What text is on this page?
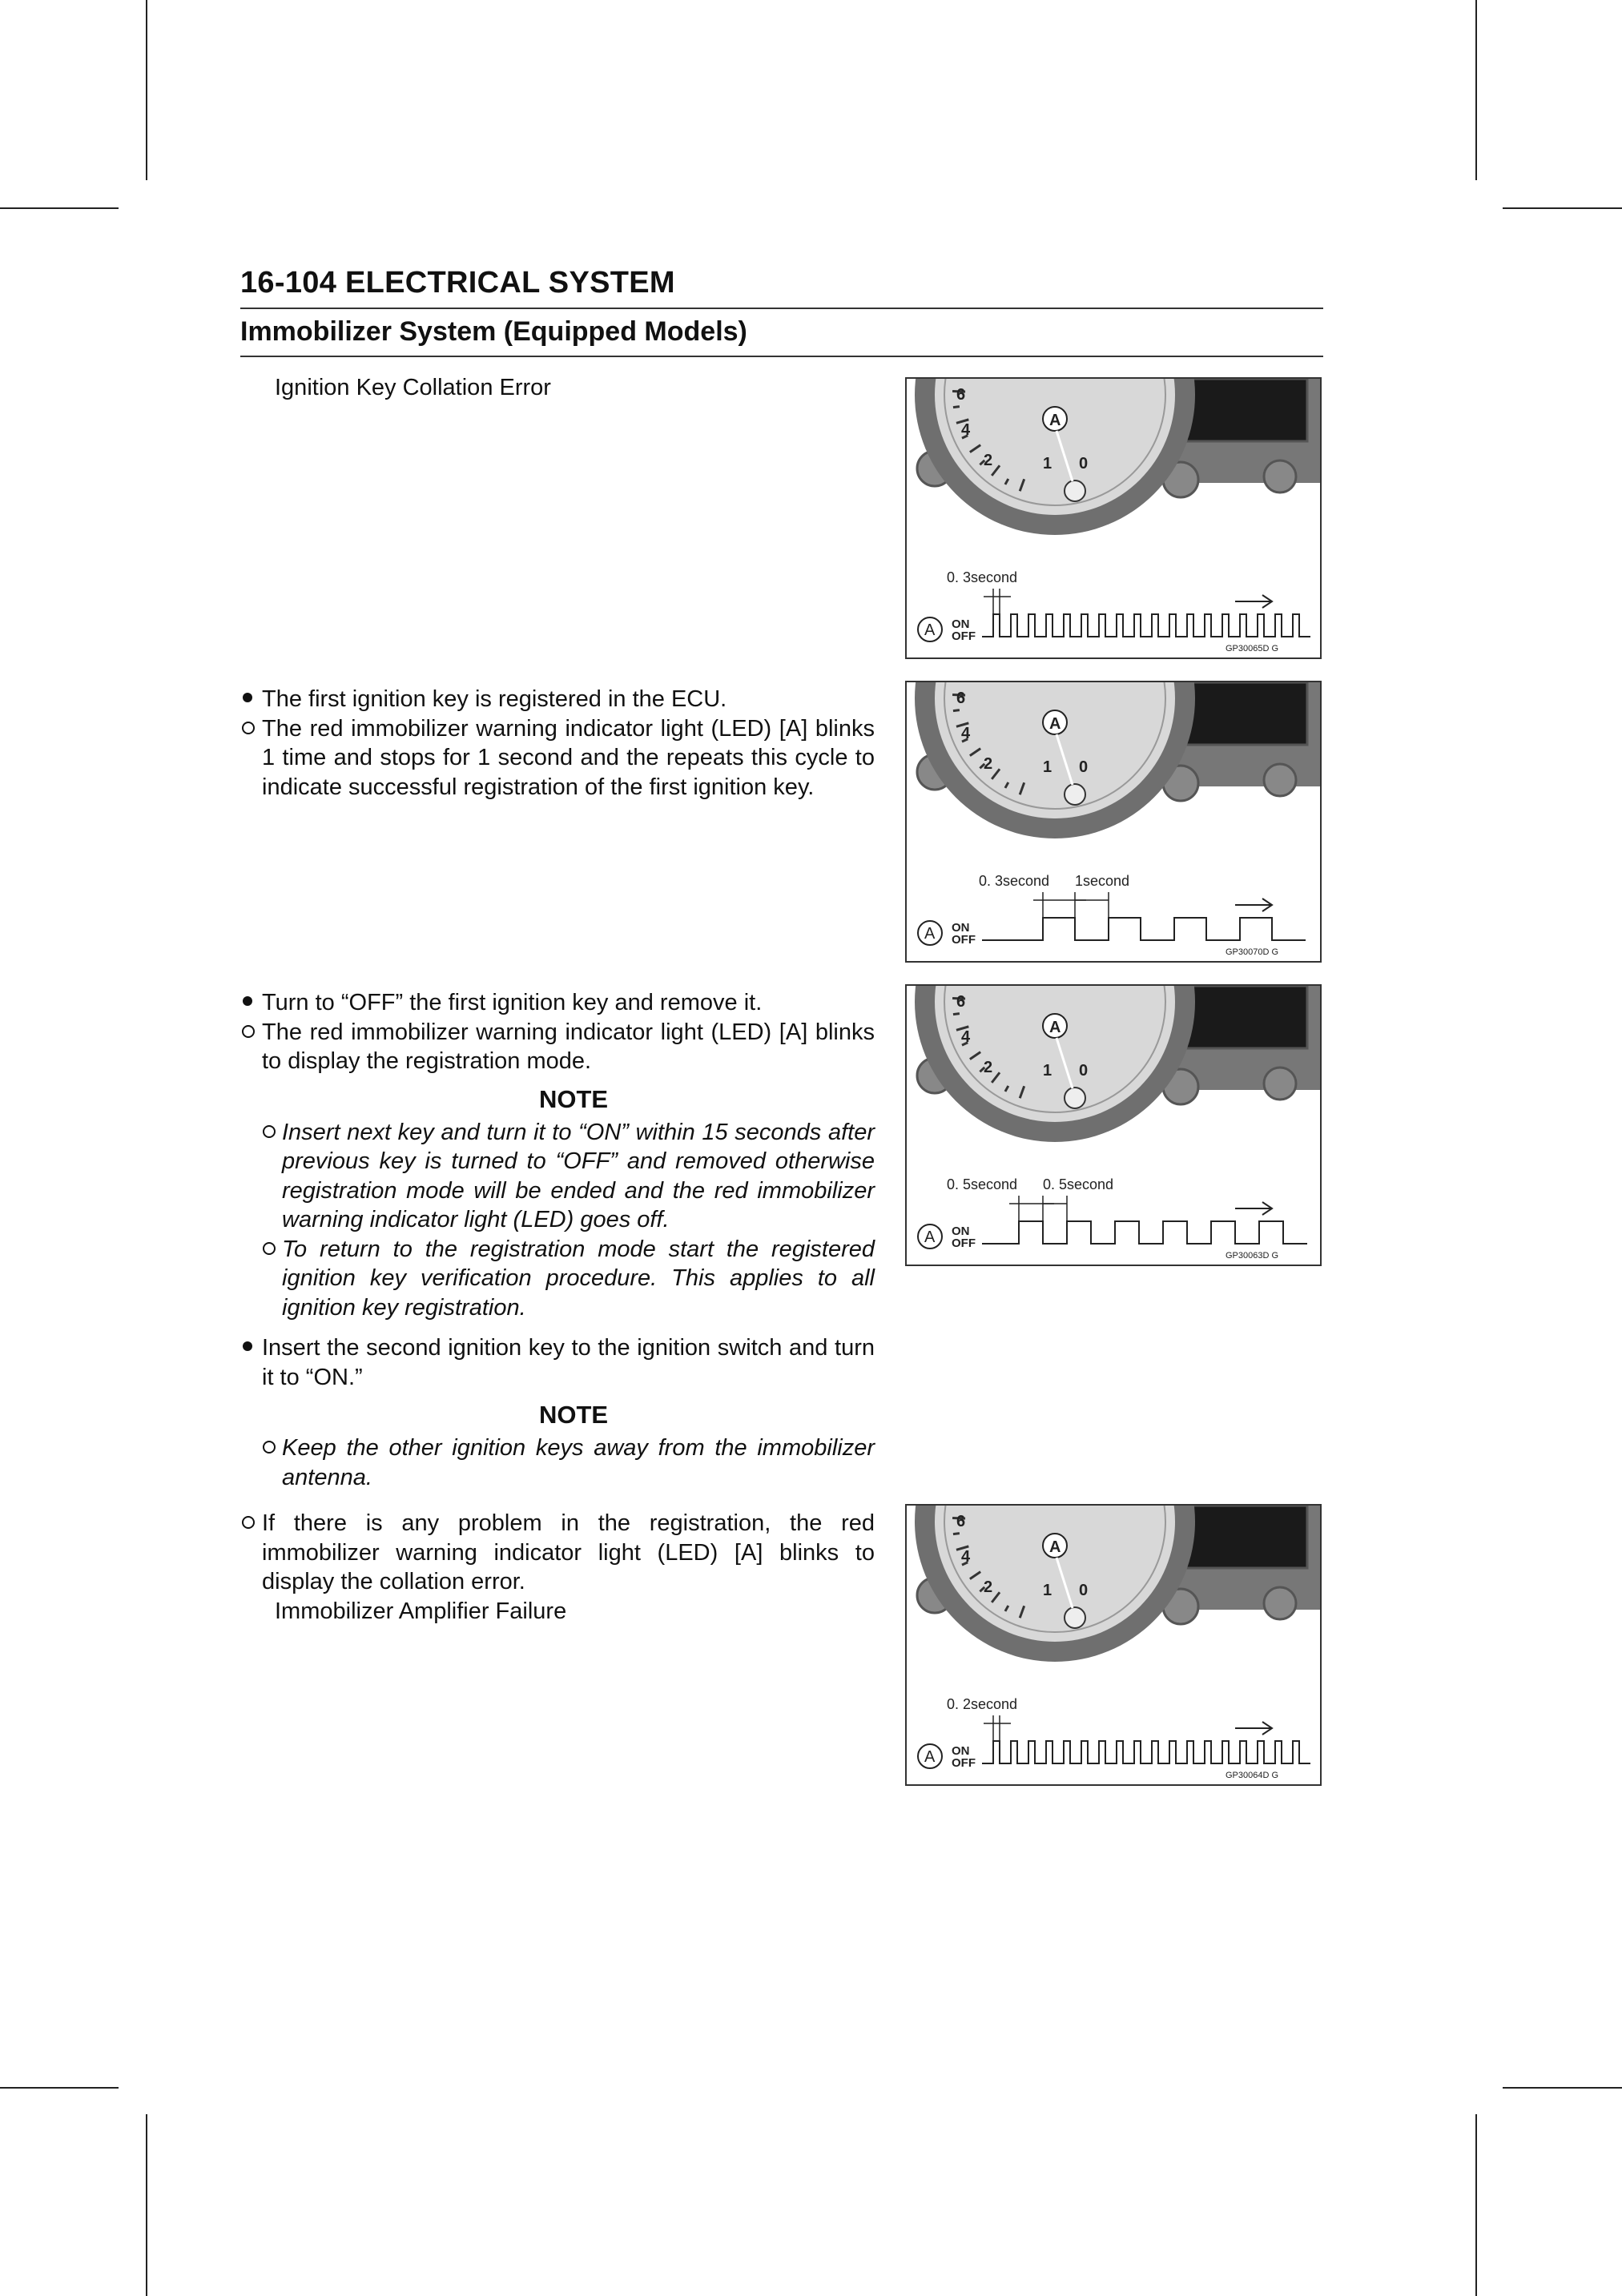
16-104 ELECTRICAL SYSTEM
Immobilizer System (Equipped Models)

Ignition Key Collation Error

The first ignition key is registered in the ECU.

The red immobilizer warning indicator light (LED) [A] blinks 1 time and stops for 1 second and the repeats this cycle to indicate successful registration of the first ignition key.

Turn to “OFF” the first ignition key and remove it.

The red immobilizer warning indicator light (LED) [A] blinks to display the registration mode.

NOTE

Insert next key and turn it to “ON” within 15 seconds after previous key is turned to “OFF” and removed otherwise registration mode will be ended and the red immobilizer warning indicator light (LED) goes off.

To return to the registration mode start the registered ignition key verification procedure. This applies to all ignition key registration.

Insert the second ignition key to the ignition switch and turn it to “ON.”

NOTE

Keep the other ignition keys away from the immobilizer antenna.

If there is any problem in the registration, the red immobilizer warning indicator light (LED) [A] blinks to display the collation error.

Immobilizer Amplifier Failure

6
4
2	1 0
A
A ON
OFF
0. 3second
GP30065D G
6
4
2	1 0
A
A ON
OFF
0. 3second 1second
GP30070D G
6
4
2	1 0
A
A ON
OFF
0. 5second 0. 5second
GP30063D G
6
4
2	1 0
A
A ON
OFF
0. 2second
GP30064D G
